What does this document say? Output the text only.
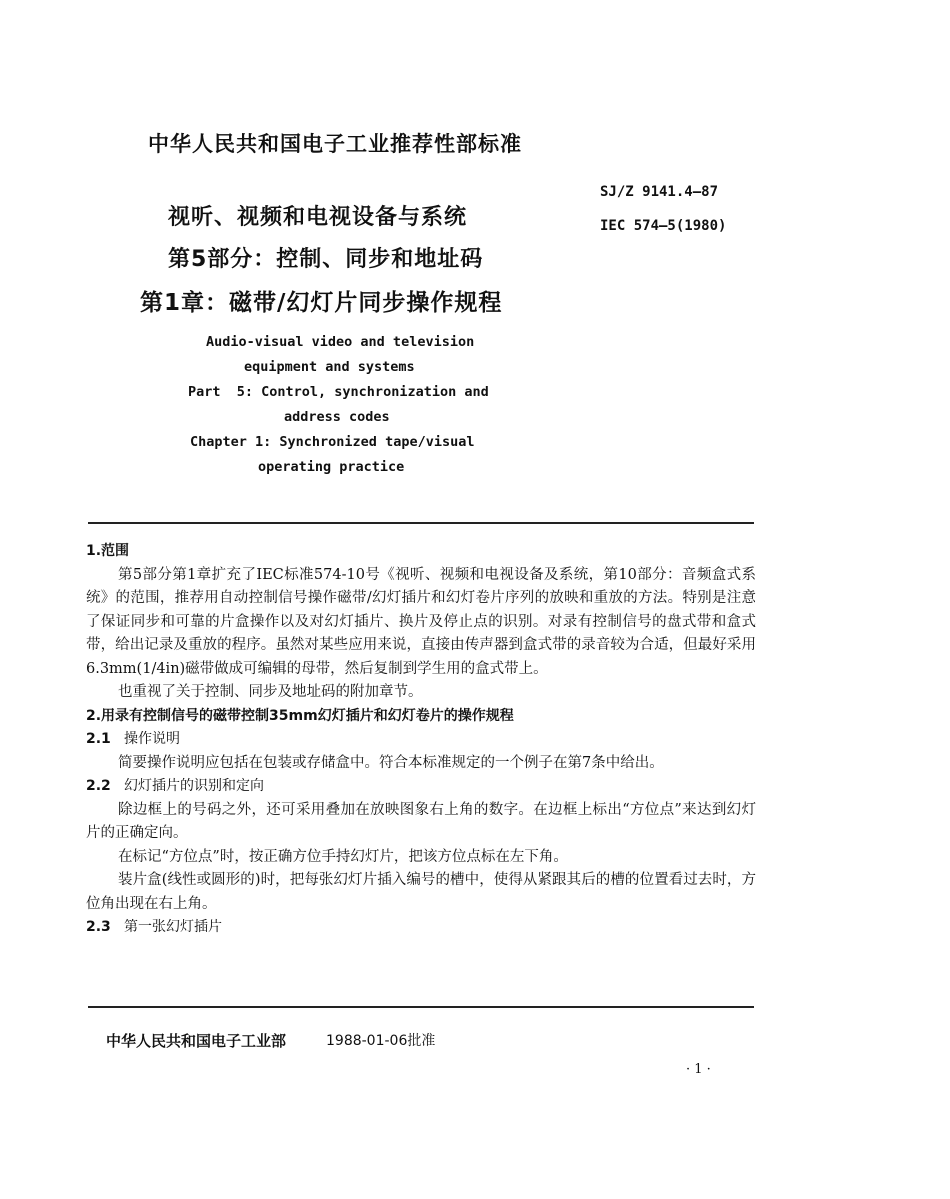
中华人民共和国电子工业推荐性部标准
SJ/Z 9141.4—87
IEC 574—5(1980)
视听、视频和电视设备与系统
第5部分：控制、同步和地址码
第1章：磁带/幻灯片同步操作规程
Audio-visual video and television
equipment and systems
Part  5: Control, synchronization and
address codes
Chapter 1: Synchronized tape/visual
operating practice
1.范围
第5部分第1章扩充了IEC标准574-10号《视听、视频和电视设备及系统，第10部分：音频盒式系统》的范围，推荐用自动控制信号操作磁带/幻灯插片和幻灯卷片序列的放映和重放的方法。特别是注意了保证同步和可靠的片盒操作以及对幻灯插片、换片及停止点的识别。对录有控制信号的盘式带和盒式带，给出记录及重放的程序。虽然对某些应用来说，直接由传声器到盒式带的录音较为合适，但最好采用6.3mm(1/4in)磁带做成可编辑的母带，然后复制到学生用的盒式带上。
也重视了关于控制、同步及地址码的附加章节。
2.用录有控制信号的磁带控制35mm幻灯插片和幻灯卷片的操作规程
2.1 操作说明
简要操作说明应包括在包装或存储盒中。符合本标准规定的一个例子在第7条中给出。
2.2 幻灯插片的识别和定向
除边框上的号码之外，还可采用叠加在放映图象右上角的数字。在边框上标出“方位点”来达到幻灯片的正确定向。
在标记“方位点”时，按正确方位手持幻灯片，把该方位点标在左下角。
装片盒(线性或圆形的)时，把每张幻灯片插入编号的槽中，使得从紧跟其后的槽的位置看过去时，方位角出现在右上角。
2.3 第一张幻灯插片
中华人民共和国电子工业部	1988-01-06批准
· 1 ·
